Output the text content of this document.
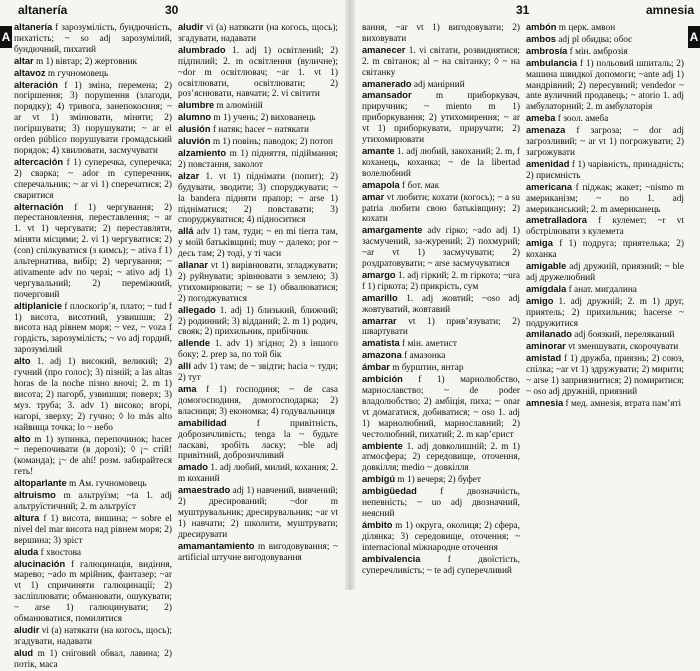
altanería	30	31	amnesia
A	A

altanería f зарозумілість, бундючність, пихатість; ~ so adj зарозумілий, бундючний, пихатий

altar m 1) вівтар; 2) жертовник

altavoz m гучномовець

alteración f 1) зміна, перемена; 2) погіршення; 3) порушення (злагоди, порядку); 4) тривога, занепокоєння; ~ ar vt 1) змінювати, міняти; 2) погіршувати; 3) порушувати; ~ ar el orden público порушувати громадський порядок; 4) хвилювати, засмучувати

altercación f 1) суперечка, суперечка; 2) сварка; ~ ador m суперечник, сперечальник; ~ ar vi 1) сперечатися; 2) сваритися

alternación f 1) чергування; 2) перестановлення, переставлення; ~ ar 1. vt 1) чергувати; 2) переставляти, міняти місцями; 2. vi 1) чергуватися; 2) (con) спілкуватися (з кимсь); ~ ativa f 1) альтернатива, вибір; 2) чергування; ~ ativamente adv по черзі; ~ ativo adj 1) чергувальний; 2) переміжний, почерговий

altiplanicie f плоскогір’я, плато; ~ tud f 1) висота, висотний, узвишшя; 2) висота над рівнем моря; ~ vez, ~ voza f гордість, зарозумілість; ~ vo adj гордий, зарозумілий

alto 1. adj 1) високий, великий; 2) гучний (про голос); 3) пізній; a las altas horas de la noche пізно вночі; 2. m 1) висота; 2) пагорб, узвишшя; поверх; 3) муз. труба; 3. adv 1) високо; вгорі, нагорі, зверху; 2) гучно; ◊ lo más alto найвища точка; lo ~ небо

alto m 1) зупинка, перепочинок; hacer ~ перепочивати (в дорозі); ◊ ¡~ стій! (команда); ¡~ de ahí! розм. забирайтеся геть!

altoparlante m Ам. гучномовець

altruismo m альтруїзм; ~ta 1. adj альтруїстичний; 2. m альтруїст

altura f 1) висота, вишина; ~ sobre el nivel del mar висота над рівнем моря; 2) вершина; 3) зріст

aluda f хвостова

alucinación f галюцинація, видіння, марево; ~ado m мрійник, фантазер; ~ar vt 1) спричиняти галюцинації; 2) засліплювати; обманювати, ошукувати; ~ arse 1) галюцинувати; 2) обманюватися, помилятися

aludir vi (a) натякати (на когось, щось); згадувати, надавати

alud m 1) сніговий обвал, лавина; 2) потік, маса

aludir vi (a) натякати (на когось, щось); згадувати, надавати

alumbrado 1. adj 1) освітлений; 2) підпилий; 2. m освітлення (вуличне); ~dor m освітлювач; ~ar 1. vt 1) освітлювати, освітлювати; 2) роз’яснювати, навчати; 2. vi світити

alumbre m алюміній

alumno m 1) учень; 2) вихованець

alusión f натяк; hacer ~ натякати

aluvión m 1) повінь; паводок; 2) потоп

alzamiento m 1) підняття, підіймання; 2) повстання, заколот

alzar 1. vt 1) піднімати (попит); 2) будувати, зводити; 3) споруджувати; ~ la bandera підняти прапор; ~ arse 1) підніматися; 2) повставати; 3) споруджуватися; 4) підноситися

allá adv 1) там, туди; ~ en mi tierra там, у моїй батьківщині; muy ~ далеко; por ~ десь там; 2) тоді, у ті часи

allanar vt 1) вирівнювати, згладжувати; 2) руйнувати; зрівнювати з землею; 3) утихомирювати; ~ se 1) обвалюватися; 2) погоджуватися

allegado 1. adj 1) близький, ближчий; 2) родинний; 3) відданий; 2. m 1) родич, свояк; 2) прихильник, прибічник

allende 1. adv 1) згідно; 2) з іншого боку; 2. prep за, по той бік

allí adv 1) там; de ~ звідти; hacia ~ туди; 2) тут

ama f 1) господиня; ~ de casa домогосподиня, домогосподарка; 2) власниця; 3) економка; 4) годувальниця

amabilidad f привітність, доброзичливість; tenga la ~ будьте ласкаві, зробіть ласку; ~ble adj привітний, доброзичливий

amado 1. adj любий, милий, кохання; 2. m коханий

amaestrado adj 1) навчений, вивчений; 2) дресирований; ~dor m муштрувальник; дресирувальник; ~ar vt 1) навчати; 2) школити, муштрувати; дресирувати

amamantamiento m вигодовування; ~ artificial штучне вигодовування

вання, ~ar vt 1) вигодовувати; 2) виховувати

amanecer 1. vi світати, розвиднятися; 2. m світанок; al ~ на світанку; ◊ ~ на світанку

amanerado adj манірний

amansador m приборкувач, приручник; ~ miento m 1) приборкування; 2) утихомирення; ~ ar vt 1) приборкувати, приручати; 2) утихомирювати

amante 1. adj любий, закоханий; 2. m, f коханець, коханка; ~ de la libertad волелюбний

amapola f бот. мак

amar vt любити; кохати (когось); ~ a su patria любити свою батьківщину; 2) кохати

amargamente adv гірко; ~ado adj 1) засмучений, за-журений; 2) похмурий; ~ar vt 1) засмучувати; 2) роздратовувати; ~ arse засмучуватися

amargo 1. adj гіркий; 2. m гіркота; ~ura f 1) гіркота; 2) прикрість, сум

amarillo 1. adj жовтий; ~oso adj жовтуватий, жовтавий

amarrar vt 1) прив’язувати; 2) швартувати

amatista f мін. аметист

amazona f амазонка

ámbar m бурштин, янтар

ambición f 1) марнолюбство, марнославство; ~ de poder владолюбство; 2) амбіція, пиха; ~ onar vt домагатися, добиватися; ~ oso 1. adj 1) марнолюбний, марнославний; 2) честолюбний, пихатий; 2. m кар’єрист

ambiente 1. adj довколишній; 2. m 1) атмосфера; 2) середовище, оточення, довкілля; medio ~ довкілля

ambigú m 1) вечеря; 2) буфет

ambigüedad f двозначність, непевність; ~ uo adj двозначний, неясний

ámbito m 1) округа, околиця; 2) сфера, ділянка; 3) середовище, оточення; ~ internacional міжнародне оточення

ambivalencia f двоїстість, суперечливість; ~ te adj суперечливий

ambón m церк. амвон

ambos adj pl обидва; обоє

ambrosía f мін. амброзія

ambulancia f 1) польовий шпиталь; 2) машина швидкої допомоги; ~ante adj 1) мандрівний; 2) пересувний; vendedor ~ ante вуличний продавець; ~ atorio 1. adj амбулаторний; 2. m амбулаторія

ameba f зоол. амеба

amenaza f загроза; ~ dor adj загрозливий; ~ ar vt 1) погрожувати; 2) загрожувати

amenidad f 1) чарівність, принадність; 2) приємність

americana f піджак; жакет; ~nismo m американізм; ~ no 1. adj американський; 2. m американець

ametralladora f кулемет; ~r vt обстрілювати з кулемета

amiga f 1) подруга; приятелька; 2) коханка

amigable adj дружній, приязний; ~ ble adj дружелюбний

amígdala f анат. мигдалина

amigo 1. adj дружній; 2. m 1) друг, приятель; 2) прихильник; hacerse ~ подружитися

amilanado adj боязкий, переляканий

aminorar vt зменшувати, скорочувати

amistad f 1) дружба, приязнь; 2) союз, спілка; ~ar vt 1) здружувати; 2) мирити; ~ arse 1) заприязнитися; 2) помиритися; ~ oso adj дружній, приязний

amnesia f мед. амнезія, втрата пам’яті
